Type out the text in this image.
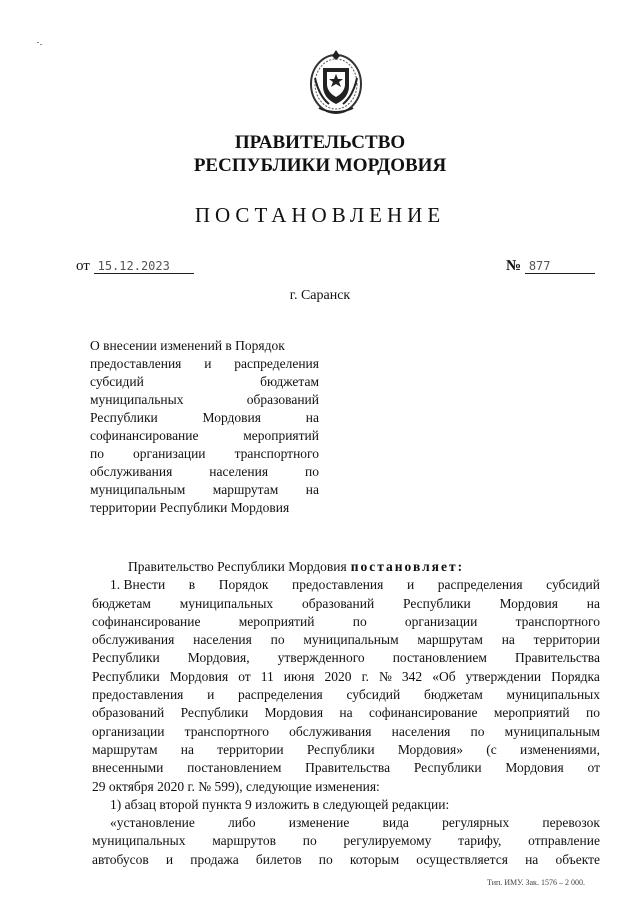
ПРАВИТЕЛЬСТВО
РЕСПУБЛИКИ МОРДОВИЯ
ПОСТАНОВЛЕНИЕ
от 15.12.2023	№ 877
г. Саранск
О внесении изменений в Порядок
предоставления и распределения
субсидий	бюджетам
муниципальных	образований
Республики	Мордовия	на
софинансирование	мероприятий
по организации транспортного
обслуживания	населения	по
муниципальным маршрутам на
территории Республики Мордовия
Правительство Республики Мордовия постановляет:
1. Внести в Порядок предоставления и распределения субсидий
бюджетам муниципальных образований Республики Мордовия на
софинансирование	мероприятий	по	организации	транспортного
обслуживания населения по муниципальным маршрутам на территории
Республики Мордовия, утвержденного постановлением Правительства
Республики Мордовия от 11 июня 2020 г. № 342 «Об утверждении Порядка
предоставления и распределения субсидий бюджетам муниципальных
образований Республики Мордовия на софинансирование мероприятий по
организации транспортного обслуживания населения по муниципальным
маршрутам на территории Республики Мордовия» (с изменениями,
внесенными постановлением Правительства Республики Мордовия от
29 октября 2020 г. № 599), следующие изменения:
1) абзац второй пункта 9 изложить в следующей редакции:
«установление либо изменение вида регулярных перевозок
муниципальных маршрутов по регулируемому тарифу, отправление
автобусов и продажа билетов по которым осуществляется на объекте
Тип. ИМУ. Зак. 1576 – 2 000.
